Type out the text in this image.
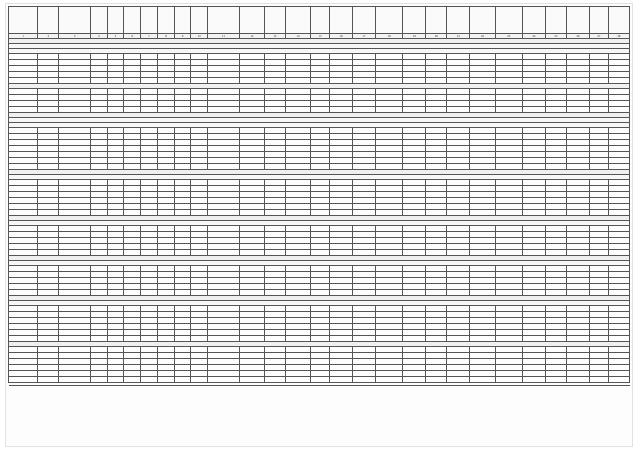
1	2	3	4	5	6	7	8	9	10	11	12	13	14	15	16	17	18	19	20	21	22	23	24	25	26	27	28
